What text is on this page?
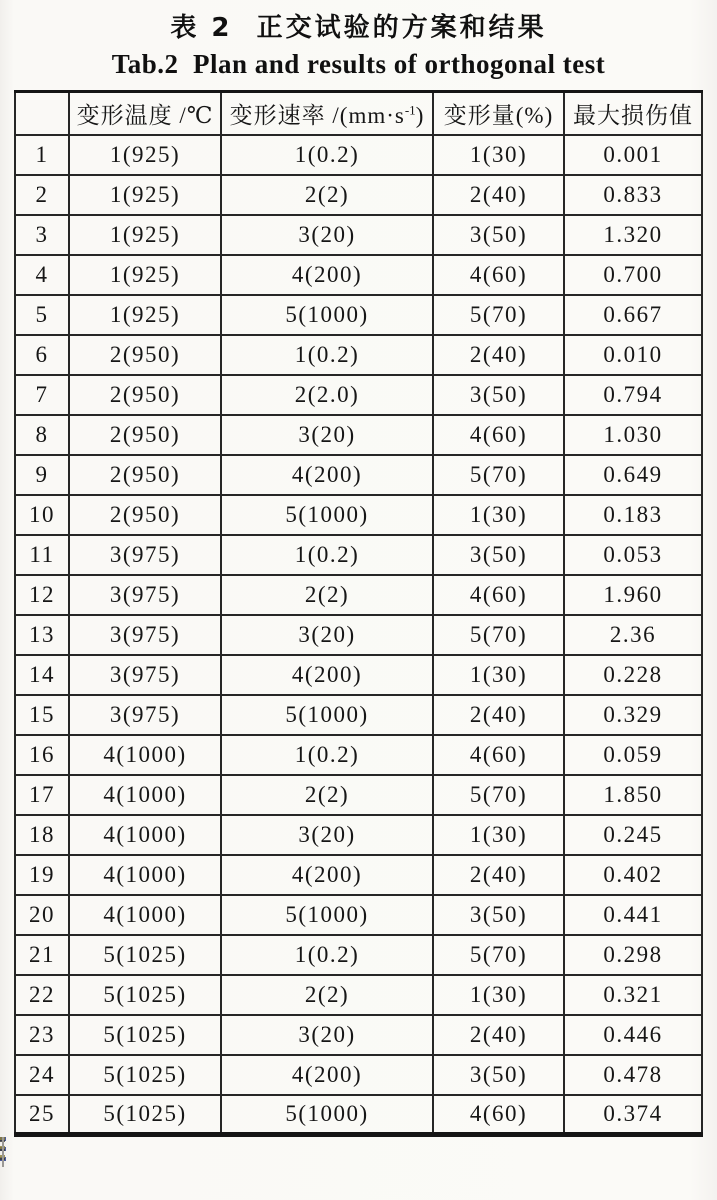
表 2  正交试验的方案和结果
Tab.2  Plan and results of orthogonal test
	变形温度 /℃	变形速率 $/(mm\cdot s^{-1})$	变形量(%)	最大损伤值
1	1(925)	1(0.2)	1(30)	0.001
2	1(925)	2(2)	2(40)	0.833
3	1(925)	3(20)	3(50)	1.320
4	1(925)	4(200)	4(60)	0.700
5	1(925)	5(1000)	5(70)	0.667
6	2(950)	1(0.2)	2(40)	0.010
7	2(950)	2(2.0)	3(50)	0.794
8	2(950)	3(20)	4(60)	1.030
9	2(950)	4(200)	5(70)	0.649
10	2(950)	5(1000)	1(30)	0.183
11	3(975)	1(0.2)	3(50)	0.053
12	3(975)	2(2)	4(60)	1.960
13	3(975)	3(20)	5(70)	2.36
14	3(975)	4(200)	1(30)	0.228
15	3(975)	5(1000)	2(40)	0.329
16	4(1000)	1(0.2)	4(60)	0.059
17	4(1000)	2(2)	5(70)	1.850
18	4(1000)	3(20)	1(30)	0.245
19	4(1000)	4(200)	2(40)	0.402
20	4(1000)	5(1000)	3(50)	0.441
21	5(1025)	1(0.2)	5(70)	0.298
22	5(1025)	2(2)	1(30)	0.321
23	5(1025)	3(20)	2(40)	0.446
24	5(1025)	4(200)	3(50)	0.478
25	5(1025)	5(1000)	4(60)	0.374
